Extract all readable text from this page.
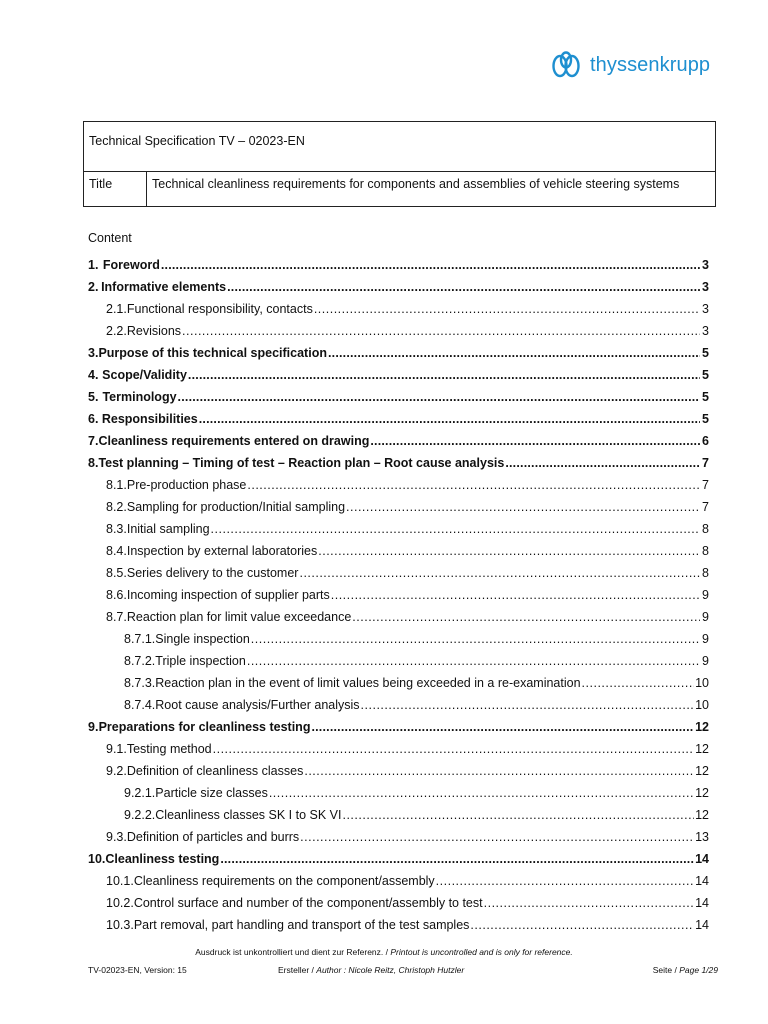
thyssenkrupp
Technical Specification TV – 02023-EN
Title	Technical cleanliness requirements for components and assemblies of vehicle steering systems
Content
1. Foreword .....	3
2. Informative elements .....	3
2.1. Functional responsibility, contacts .....	3
2.2. Revisions .....	3
3. Purpose of this technical specification .....	5
4. Scope/Validity .....	5
5. Terminology .....	5
6. Responsibilities .....	5
7. Cleanliness requirements entered on drawing .....	6
8. Test planning – Timing of test – Reaction plan – Root cause analysis .....	7
8.1. Pre-production phase .....	7
8.2. Sampling for production/Initial sampling .....	7
8.3. Initial sampling .....	8
8.4. Inspection by external laboratories .....	8
8.5. Series delivery to the customer .....	8
8.6. Incoming inspection of supplier parts .....	9
8.7. Reaction plan for limit value exceedance .....	9
8.7.1. Single inspection .....	9
8.7.2. Triple inspection .....	9
8.7.3. Reaction plan in the event of limit values being exceeded in a re-examination .....	10
8.7.4. Root cause analysis/Further analysis .....	10
9. Preparations for cleanliness testing .....	12
9.1. Testing method .....	12
9.2. Definition of cleanliness classes .....	12
9.2.1. Particle size classes .....	12
9.2.2. Cleanliness classes SK I to SK VI .....	12
9.3. Definition of particles and burrs .....	13
10. Cleanliness testing .....	14
10.1. Cleanliness requirements on the component/assembly .....	14
10.2. Control surface and number of the component/assembly to test .....	14
10.3. Part removal, part handling and transport of the test samples .....	14
Ausdruck ist unkontrolliert und dient zur Referenz. / Printout is uncontrolled and is only for reference.
TV-02023-EN, Version: 15	Ersteller / Author : Nicole Reitz, Christoph Hutzler	Seite / Page 1/29
